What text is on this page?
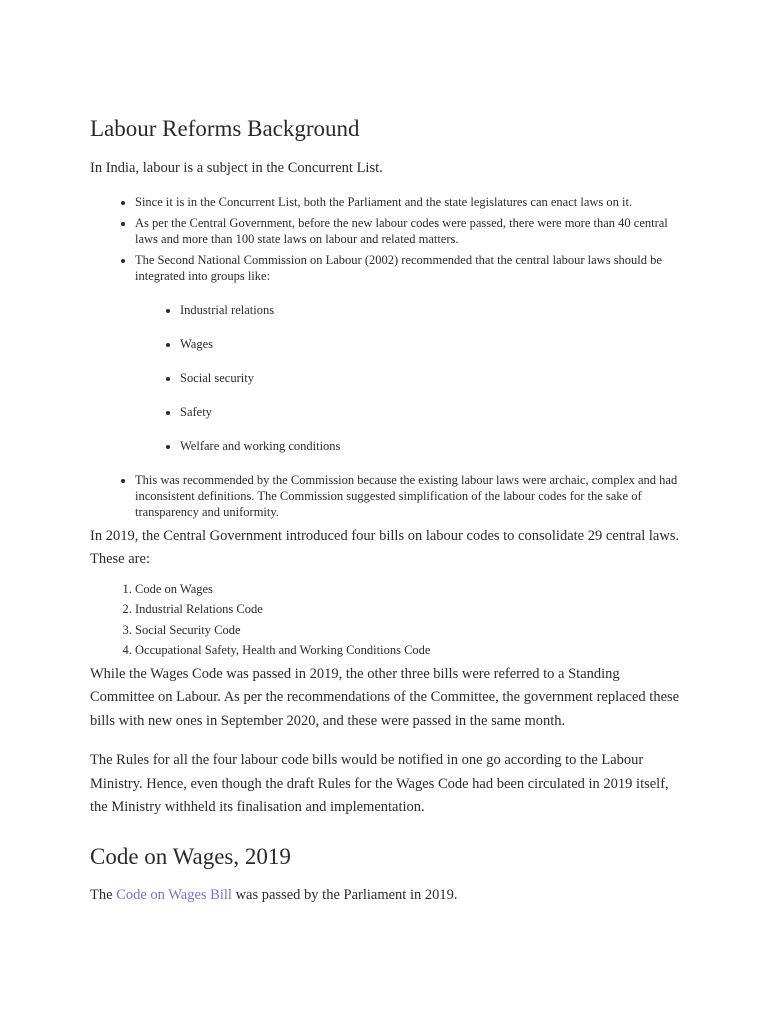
Labour Reforms Background

In India, labour is a subject in the Concurrent List.

• Since it is in the Concurrent List, both the Parliament and the state legislatures can enact laws on it.
• As per the Central Government, before the new labour codes were passed, there were more than 40 central laws and more than 100 state laws on labour and related matters.
• The Second National Commission on Labour (2002) recommended that the central labour laws should be integrated into groups like:
• Industrial relations
• Wages
• Social security
• Safety
• Welfare and working conditions
• This was recommended by the Commission because the existing labour laws were archaic, complex and had inconsistent definitions. The Commission suggested simplification of the labour codes for the sake of transparency and uniformity.

In 2019, the Central Government introduced four bills on labour codes to consolidate 29 central laws. These are:

1. Code on Wages
2. Industrial Relations Code
3. Social Security Code
4. Occupational Safety, Health and Working Conditions Code

While the Wages Code was passed in 2019, the other three bills were referred to a Standing Committee on Labour. As per the recommendations of the Committee, the government replaced these bills with new ones in September 2020, and these were passed in the same month.

The Rules for all the four labour code bills would be notified in one go according to the Labour Ministry. Hence, even though the draft Rules for the Wages Code had been circulated in 2019 itself, the Ministry withheld its finalisation and implementation.

Code on Wages, 2019

The Code on Wages Bill was passed by the Parliament in 2019.
